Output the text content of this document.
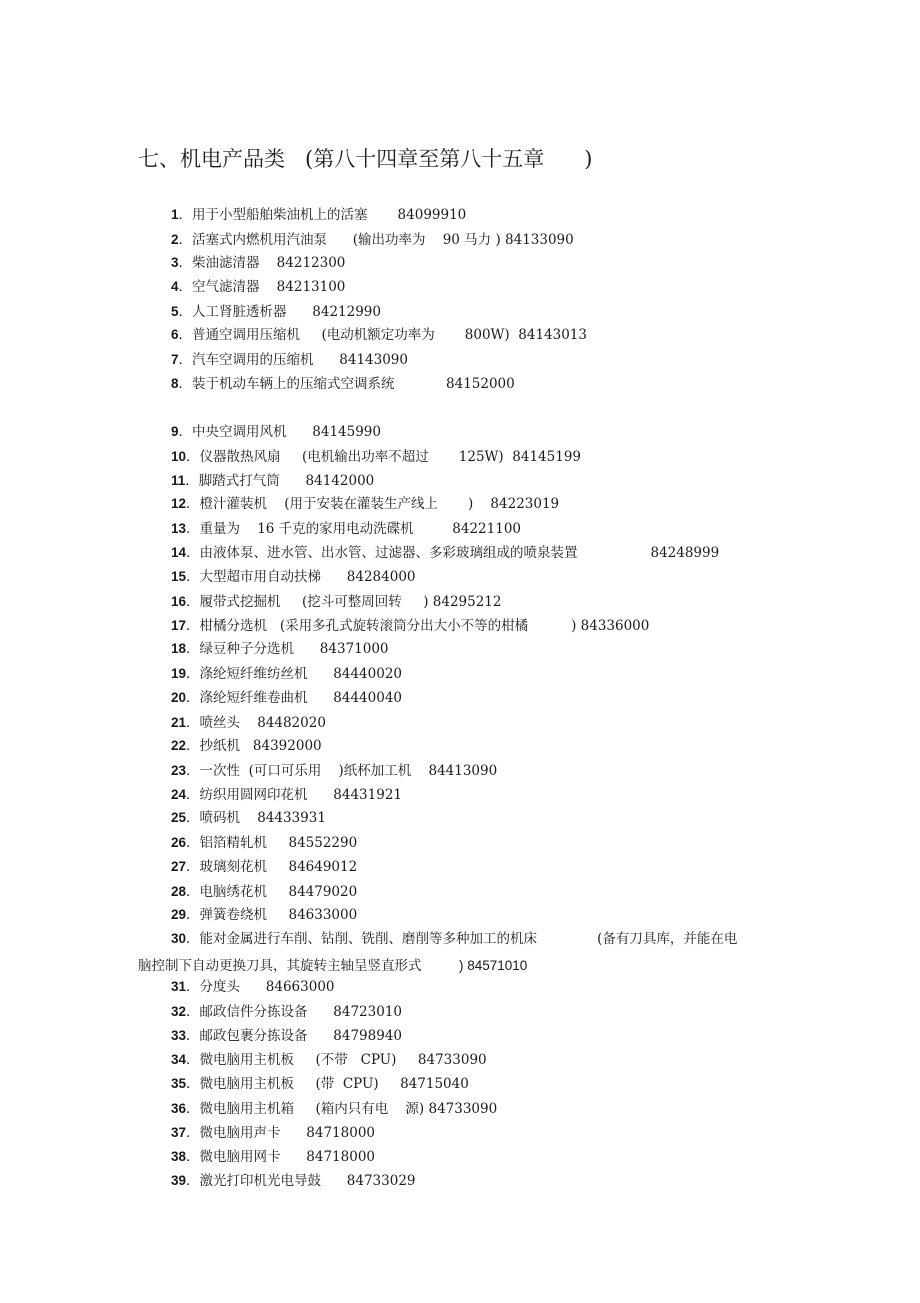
七、机电产品类   (第八十四章至第八十五章      )
1．用于小型船舶柴油机上的活塞       84099910
2．活塞式内燃机用汽油泵      (输出功率为    90 马力 ) 84133090
3．柴油滤清器    84212300
4．空气滤清器    84213100
5．人工肾脏透析器      84212990
6．普通空调用压缩机     (电动机额定功率为       800W)  84143013
7．汽车空调用的压缩机      84143090
8．装于机动车辆上的压缩式空调系统            84152000
9．中央空调用风机      84145990
10．仪器散热风扇     (电机输出功率不超过       125W)  84145199
11．脚踏式打气筒      84142000
12．橙汁灌装机    (用于安装在灌装生产线上       )    84223019
13．重量为    16 千克的家用电动洗碟机         84221100
14．由液体泵、进水管、出水管、过滤器、多彩玻璃组成的喷泉装置                 84248999
15．大型超市用自动扶梯      84284000
16．履带式挖掘机     (挖斗可整周回转     ) 84295212
17．柑橘分选机   (采用多孔式旋转滚筒分出大小不等的柑橘          ) 84336000
18．绿豆种子分选机      84371000
19．涤纶短纤维纺丝机      84440020
20．涤纶短纤维卷曲机      84440040
21．喷丝头    84482020
22．抄纸机   84392000
23．一次性  (可口可乐用    )纸杯加工机    84413090
24．纺织用圆网印花机      84431921
25．喷码机    84433931
26．铝箔精轧机     84552290
27．玻璃刻花机     84649012
28．电脑绣花机     84479020
29．弹簧卷绕机     84633000
30．能对金属进行车削、钻削、铣削、磨削等多种加工的机床              (备有刀具库，并能在电
31．分度头      84663000
32．邮政信件分拣设备      84723010
33．邮政包裹分拣设备      84798940
34．微电脑用主机板     (不带   CPU)     84733090
35．微电脑用主机板     (带  CPU)     84715040
36．微电脑用主机箱     (箱内只有电    源) 84733090
37．微电脑用声卡      84718000
38．微电脑用网卡      84718000
39．激光打印机光电导鼓      84733029
脑控制下自动更换刀具，其旋转主轴呈竖直形式          ) 84571010
